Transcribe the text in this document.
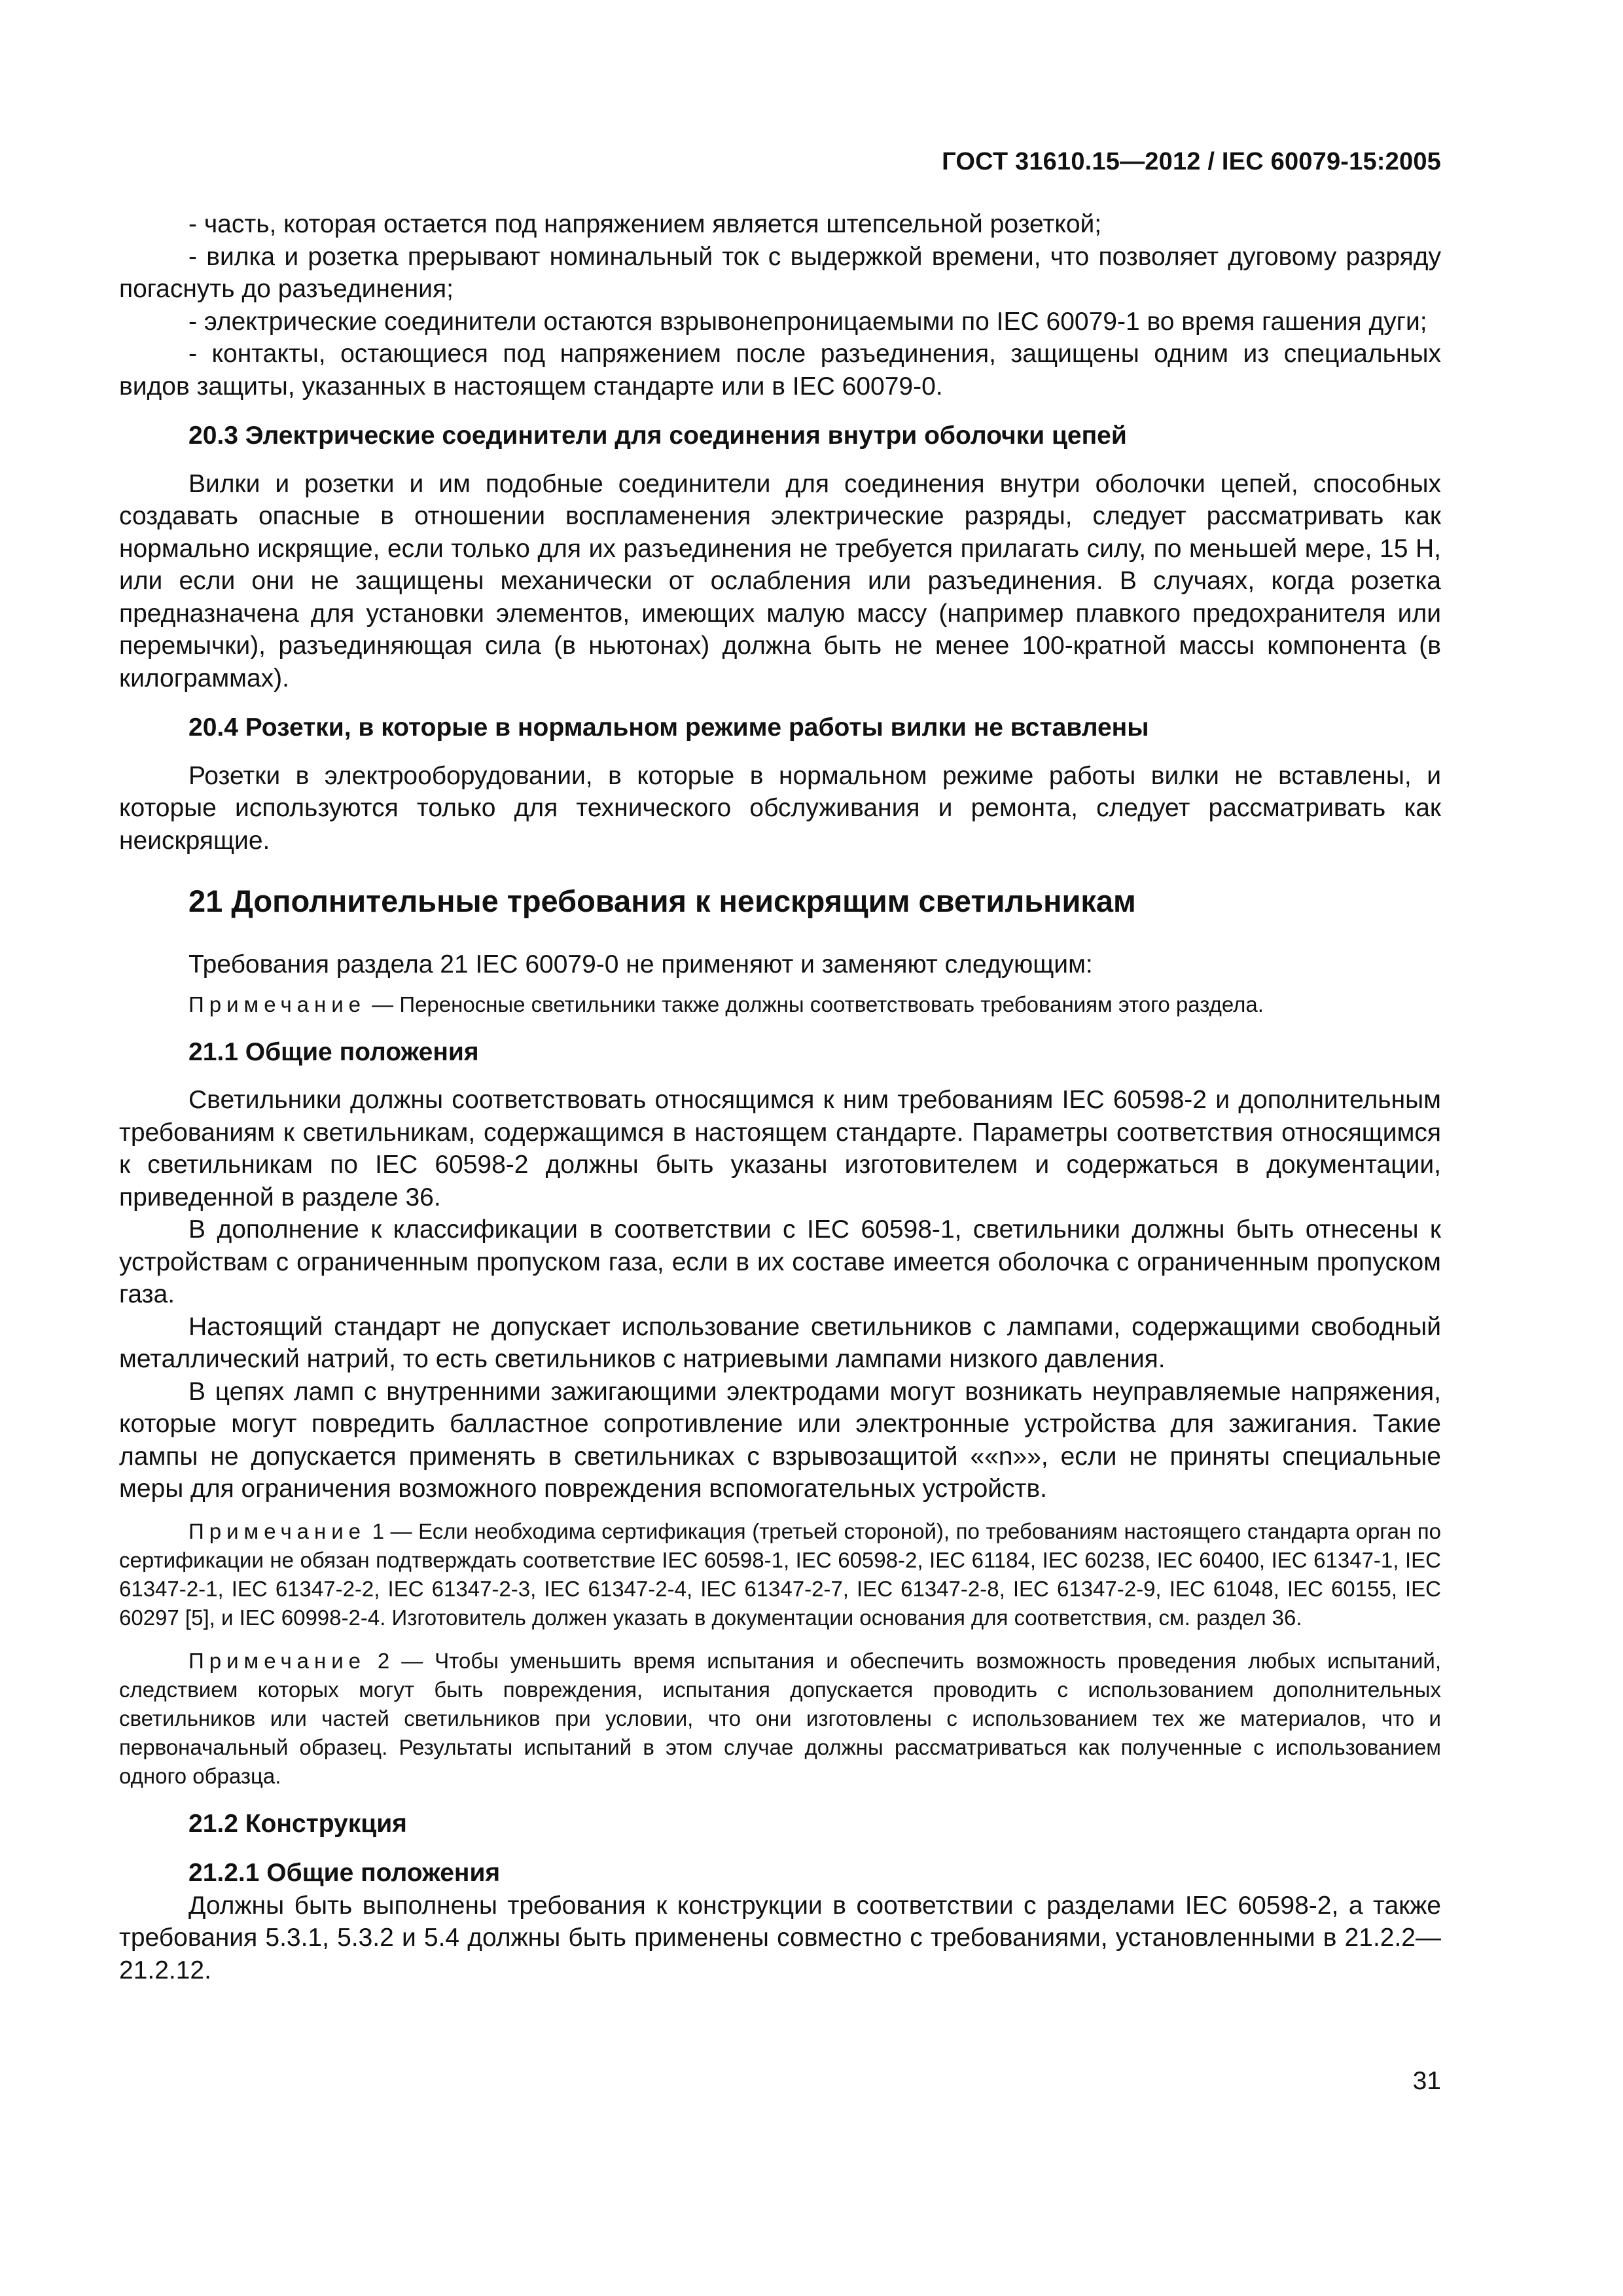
ГОСТ 31610.15—2012 / IEC 60079-15:2005

- часть, которая остается под напряжением является штепсельной розеткой;

- вилка и розетка прерывают номинальный ток с выдержкой времени, что позволяет дуговому разряду погаснуть до разъединения;

- электрические соединители остаются взрывонепроницаемыми по IEC 60079-1 во время гашения дуги;

- контакты, остающиеся под напряжением после разъединения, защищены одним из специальных видов защиты, указанных в настоящем стандарте или в IEC 60079-0.

20.3 Электрические соединители для соединения внутри оболочки цепей

Вилки и розетки и им подобные соединители для соединения внутри оболочки цепей, способных создавать опасные в отношении воспламенения электрические разряды, следует рассматривать как нормально искрящие, если только для их разъединения не требуется прилагать силу, по меньшей мере, 15 Н, или если они не защищены механически от ослабления или разъединения. В случаях, когда розетка предназначена для установки элементов, имеющих малую массу (например плавкого предохранителя или перемычки), разъединяющая сила (в ньютонах) должна быть не менее 100-кратной массы компонента (в килограммах).

20.4 Розетки, в которые в нормальном режиме работы вилки не вставлены

Розетки в электрооборудовании, в которые в нормальном режиме работы вилки не вставлены, и которые используются только для технического обслуживания и ремонта, следует рассматривать как неискрящие.

21 Дополнительные требования к неискрящим светильникам

Требования раздела 21 IEC 60079-0 не применяют и заменяют следующим:

Примечание — Переносные светильники также должны соответствовать требованиям этого раздела.

21.1 Общие положения

Светильники должны соответствовать относящимся к ним требованиям IEC 60598-2 и дополнительным требованиям к светильникам, содержащимся в настоящем стандарте. Параметры соответствия относящимся к светильникам по IEC 60598-2 должны быть указаны изготовителем и содержаться в документации, приведенной в разделе 36.

В дополнение к классификации в соответствии с IEC 60598-1, светильники должны быть отнесены к устройствам с ограниченным пропуском газа, если в их составе имеется оболочка с ограниченным пропуском газа.

Настоящий стандарт не допускает использование светильников с лампами, содержащими свободный металлический натрий, то есть светильников с натриевыми лампами низкого давления.

В цепях ламп с внутренними зажигающими электродами могут возникать неуправляемые напряжения, которые могут повредить балластное сопротивление или электронные устройства для зажигания. Такие лампы не допускается применять в светильниках с взрывозащитой ««n»», если не приняты специальные меры для ограничения возможного повреждения вспомогательных устройств.

Примечание 1 — Если необходима сертификация (третьей стороной), по требованиям настоящего стандарта орган по сертификации не обязан подтверждать соответствие IEC 60598-1, IEC 60598-2, IEC 61184, IEC 60238, IEC 60400, IEC 61347-1, IEC 61347-2-1, IEC 61347-2-2, IEC 61347-2-3, IEC 61347-2-4, IEC 61347-2-7, IEC 61347-2-8, IEC 61347-2-9, IEC 61048, IEC 60155, IEC 60297 [5], и IEC 60998-2-4. Изготовитель должен указать в документации основания для соответствия, см. раздел 36.

Примечание 2 — Чтобы уменьшить время испытания и обеспечить возможность проведения любых испытаний, следствием которых могут быть повреждения, испытания допускается проводить с использованием дополнительных светильников или частей светильников при условии, что они изготовлены с использованием тех же материалов, что и первоначальный образец. Результаты испытаний в этом случае должны рассматриваться как полученные с использованием одного образца.

21.2 Конструкция

21.2.1 Общие положения

Должны быть выполнены требования к конструкции в соответствии с разделами IEC 60598-2, а также требования 5.3.1, 5.3.2 и 5.4 должны быть применены совместно с требованиями, установленными в 21.2.2—21.2.12.

31
